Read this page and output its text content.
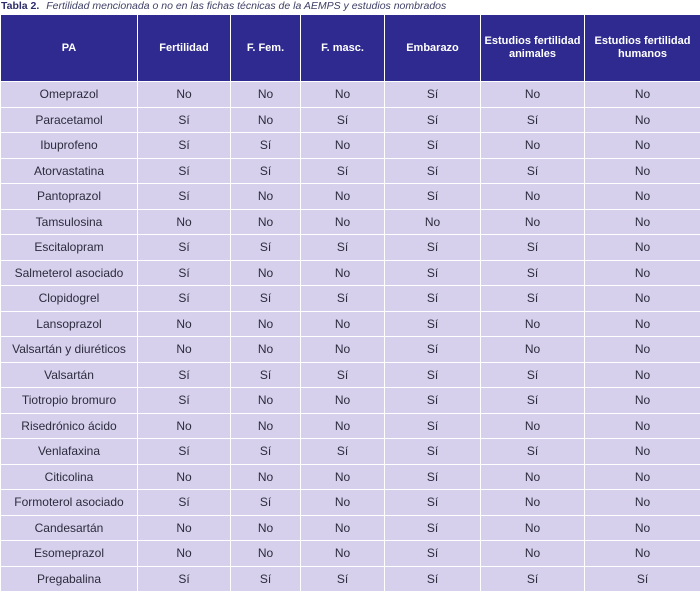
Tabla 2. Fertilidad mencionada o no en las fichas técnicas de la AEMPS y estudios nombrados
PA	Fertilidad	F. Fem.	F. masc.	Embarazo	Estudios fertilidad animales	Estudios fertilidad humanos
Omeprazol	No	No	No	Sí	No	No
Paracetamol	Sí	No	Sí	Sí	Sí	No
Ibuprofeno	Sí	Sí	No	Sí	No	No
Atorvastatina	Sí	Sí	Sí	Sí	Sí	No
Pantoprazol	Sí	No	No	Sí	No	No
Tamsulosina	No	No	No	No	No	No
Escitalopram	Sí	Sí	Sí	Sí	Sí	No
Salmeterol asociado	Sí	No	No	Sí	Sí	No
Clopidogrel	Sí	Sí	Sí	Sí	Sí	No
Lansoprazol	No	No	No	Sí	No	No
Valsartán y diuréticos	No	No	No	Sí	No	No
Valsartán	Sí	Sí	Sí	Sí	Sí	No
Tiotropio bromuro	Sí	No	No	Sí	Sí	No
Risedrónico ácido	No	No	No	Sí	No	No
Venlafaxina	Sí	Sí	Sí	Sí	Sí	No
Citicolina	No	No	No	Sí	No	No
Formoterol asociado	Sí	Sí	No	Sí	No	No
Candesartán	No	No	No	Sí	No	No
Esomeprazol	No	No	No	Sí	No	No
Pregabalina	Sí	Sí	Sí	Sí	Sí	Sí
